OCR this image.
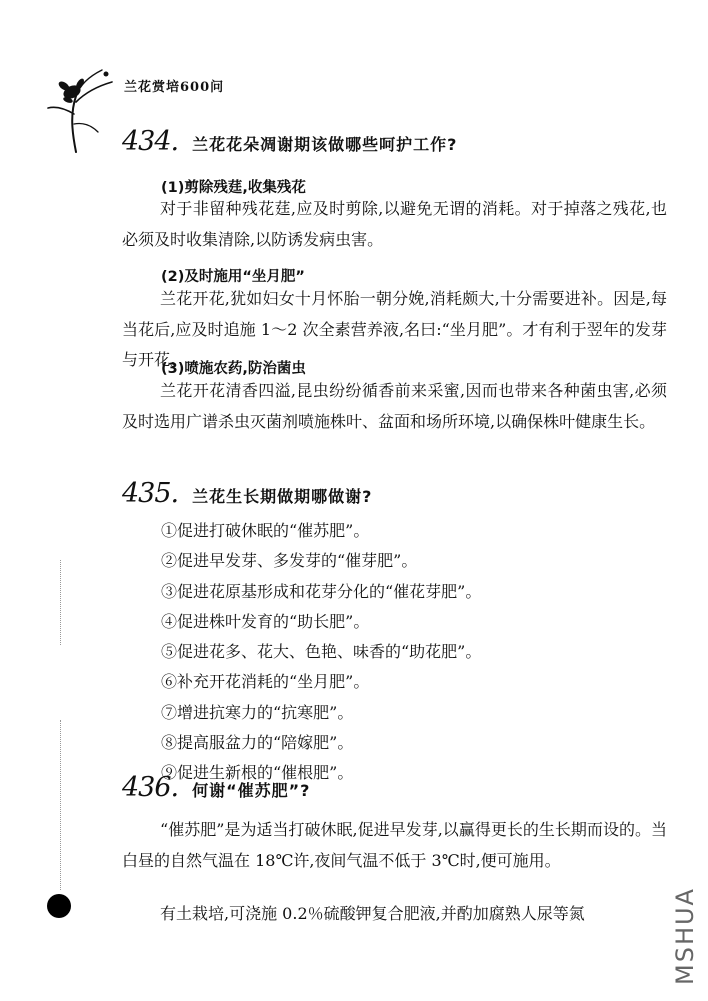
兰花赏培600问
434. 兰花花朵凋谢期该做哪些呵护工作?
(1)剪除残莛,收集残花

对于非留种残花莛,应及时剪除,以避免无谓的消耗。对于掉落之残花,也必须及时收集清除,以防诱发病虫害。

(2)及时施用“坐月肥”

兰花开花,犹如妇女十月怀胎一朝分娩,消耗颇大,十分需要进补。因是,每当花后,应及时追施 1～2 次全素营养液,名曰:“坐月肥”。才有利于翌年的发芽与开花。

(3)喷施农药,防治菌虫

兰花开花清香四溢,昆虫纷纷循香前来采蜜,因而也带来各种菌虫害,必须及时选用广谱杀虫灭菌剂喷施株叶、盆面和场所环境,以确保株叶健康生长。

435. 兰花生长期做期哪做谢?
①促进打破休眠的“催苏肥”。
②促进早发芽、多发芽的“催芽肥”。
③促进花原基形成和花芽分化的“催花芽肥”。
④促进株叶发育的“助长肥”。
⑤促进花多、花大、色艳、味香的“助花肥”。
⑥补充开花消耗的“坐月肥”。
⑦增进抗寒力的“抗寒肥”。
⑧提高服盆力的“陪嫁肥”。
⑨促进生新根的“催根肥”。
436. 何谢“催苏肥”?

“催苏肥”是为适当打破休眠,促进早发芽,以赢得更长的生长期而设的。当白昼的自然气温在 18℃许,夜间气温不低于 3℃时,便可施用。

有土栽培,可浇施 0.2％硫酸钾复合肥液,并酌加腐熟人尿等氮	MSHUA
